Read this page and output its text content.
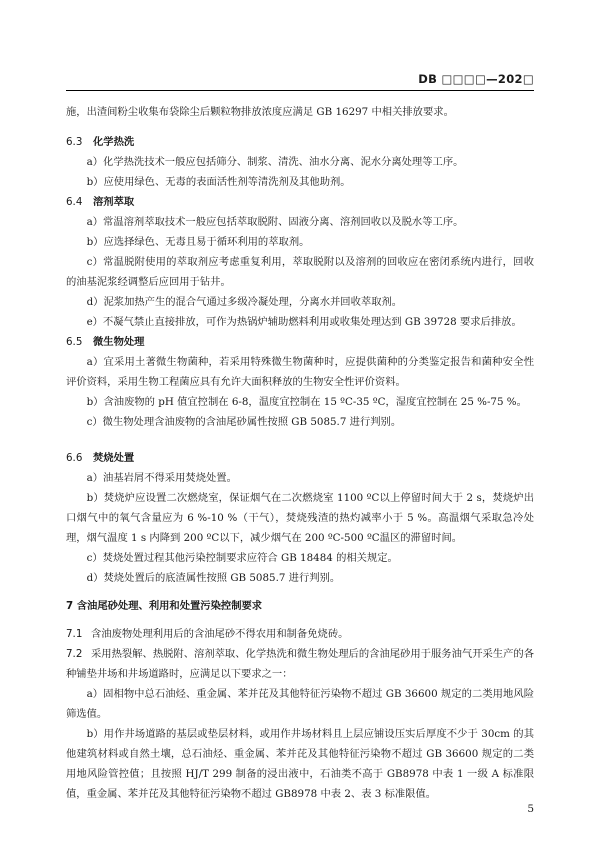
DB □□□□—202□

施，出渣间粉尘收集布袋除尘后颗粒物排放浓度应满足 GB 16297 中相关排放要求。

6.3 化学热洗

a）化学热洗技术一般应包括筛分、制浆、清洗、油水分离、泥水分离处理等工序。

b）应使用绿色、无毒的表面活性剂等清洗剂及其他助剂。

6.4 溶剂萃取

a）常温溶剂萃取技术一般应包括萃取脱附、固液分离、溶剂回收以及脱水等工序。

b）应选择绿色、无毒且易于循环利用的萃取剂。

c）常温脱附使用的萃取剂应考虑重复利用，萃取脱附以及溶剂的回收应在密闭系统内进行，回收的油基泥浆经调整后应回用于钻井。

d）泥浆加热产生的混合气通过多级冷凝处理，分离水并回收萃取剂。

e）不凝气禁止直接排放，可作为热锅炉辅助燃料利用或收集处理达到 GB 39728 要求后排放。

6.5 微生物处理

a）宜采用土著微生物菌种，若采用特殊微生物菌种时，应提供菌种的分类鉴定报告和菌种安全性评价资料，采用生物工程菌应具有允许大面积释放的生物安全性评价资料。

b）含油废物的 pH 值宜控制在 6-8，温度宜控制在 15 ºC-35 ºC，湿度宜控制在 25 %-75 %。

c）微生物处理含油废物的含油尾砂属性按照 GB 5085.7 进行判别。

6.6 焚烧处置

a）油基岩屑不得采用焚烧处置。

b）焚烧炉应设置二次燃烧室，保证烟气在二次燃烧室 1100 ºC以上停留时间大于 2 s，焚烧炉出口烟气中的氧气含量应为 6 %-10 %（干气），焚烧残渣的热灼减率小于 5 %。高温烟气采取急冷处理，烟气温度 1 s 内降到 200 ºC以下，减少烟气在 200 ºC-500 ºC温区的滞留时间。

c）焚烧处置过程其他污染控制要求应符合 GB 18484 的相关规定。

d）焚烧处置后的底渣属性按照 GB 5085.7 进行判别。

7 含油尾砂处理、利用和处置污染控制要求

7.1 含油废物处理利用后的含油尾砂不得农用和制备免烧砖。

7.2 采用热裂解、热脱附、溶剂萃取、化学热洗和微生物处理后的含油尾砂用于服务油气开采生产的各种铺垫井场和井场道路时，应满足以下要求之一：

a）固相物中总石油烃、重金属、苯并芘及其他特征污染物不超过 GB 36600 规定的二类用地风险筛选值。

b）用作井场道路的基层或垫层材料，或用作井场材料且上层应铺设压实后厚度不少于 30cm 的其他建筑材料或自然土壤，总石油烃、重金属、苯并芘及其他特征污染物不超过 GB 36600 规定的二类用地风险管控值；且按照 HJ/T 299 制备的浸出液中，石油类不高于 GB8978 中表 1 一级 A 标准限值，重金属、苯并芘及其他特征污染物不超过 GB8978 中表 2、表 3 标准限值。

5
